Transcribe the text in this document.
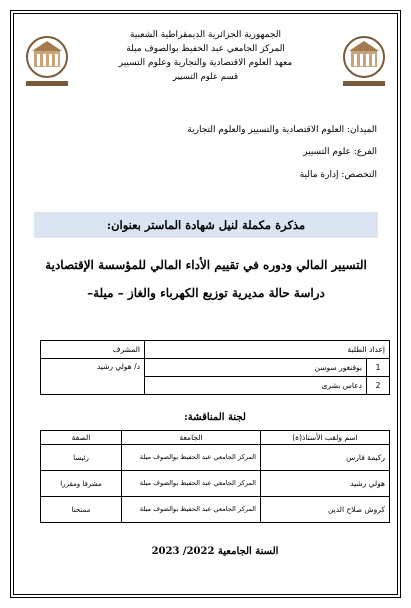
الجمهورية الجزائرية الديمقراطية الشعبية
المركز الجامعي عبد الحفيظ بوالصوف ميلة
معهد العلوم الاقتصادية والتجارية وعلوم التسيير
قسم علوم التسيير
الميدان: العلوم الاقتصادية والتسيير والعلوم التجارية
الفرع: علوم التسيير
التخصص: إدارة مالية
مذكرة مكملة لنيل شهادة الماستر بعنوان:
التسيير المالي ودوره في تقييم الأداء المالي للمؤسسة الإقتصادية
دراسة حالة مديرية توزيع الكهرباء والغاز – ميلة–
إعداد الطلبة		المشرف
1	بوقنغور سوسن	د/ هولي رشيد
2	دعاس بشرى	
لجنة المناقشة:
اسم ولقب الأستاذ(ة)	الجامعة	الصفة
ركيمة فارس	المركز الجامعي عبد الحفيظ بوالصوف ميلة	رئيسا
هولي رشيد	المركز الجامعي عبد الحفيظ بوالصوف ميلة	مشرفا ومقررا
كروش صلاح الدين	المركز الجامعي عبد الحفيظ بوالصوف ميلة	ممتحنا
السنة الجامعية 2022/ 2023
